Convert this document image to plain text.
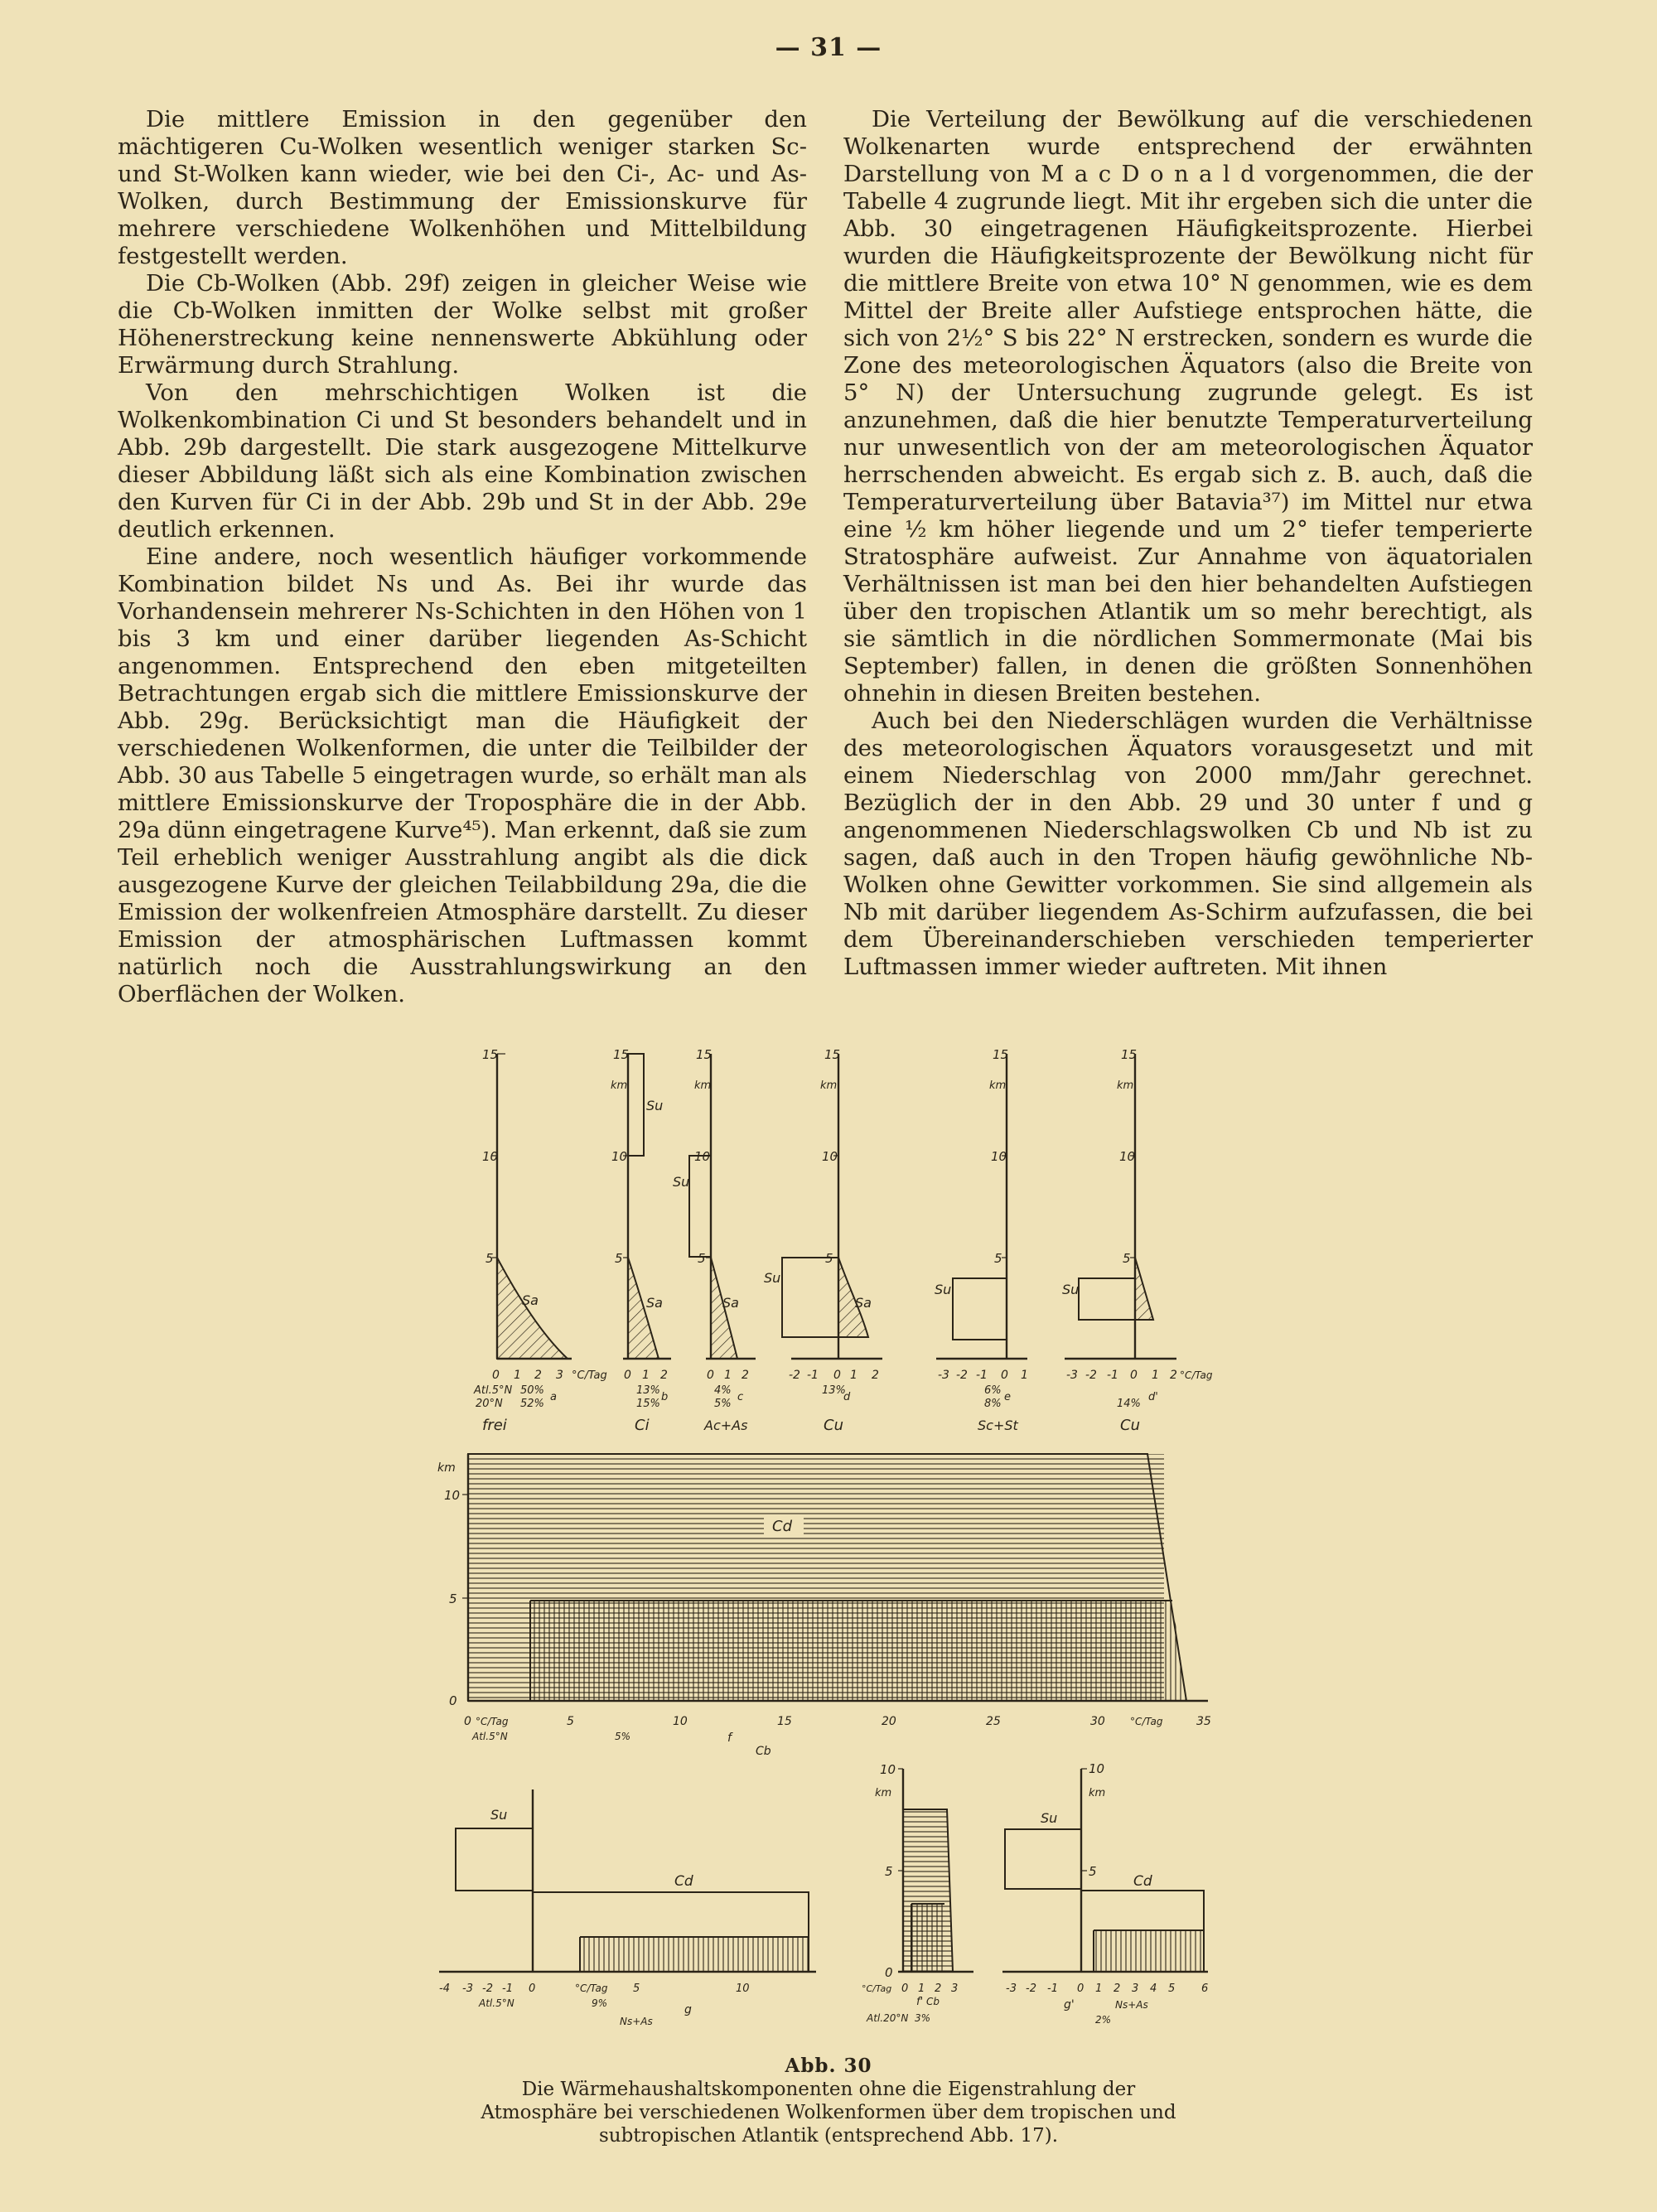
— 31 —

Die mittlere Emission in den gegenüber den mächtigeren Cu-Wolken wesentlich weniger starken Sc- und St-Wolken kann wieder, wie bei den Ci-, Ac- und As-Wolken, durch Bestimmung der Emissionskurve für mehrere verschiedene Wolkenhöhen und Mittelbildung festgestellt werden.

Die Cb-Wolken (Abb. 29f) zeigen in gleicher Weise wie die Cb-Wolken inmitten der Wolke selbst mit großer Höhenerstreckung keine nennenswerte Abkühlung oder Erwärmung durch Strahlung.

Von den mehrschichtigen Wolken ist die Wolkenkombination Ci und St besonders behandelt und in Abb. 29b dargestellt. Die stark ausgezogene Mittelkurve dieser Abbildung läßt sich als eine Kombination zwischen den Kurven für Ci in der Abb. 29b und St in der Abb. 29e deutlich erkennen.

Eine andere, noch wesentlich häufiger vorkommende Kombination bildet Ns und As. Bei ihr wurde das Vorhandensein mehrerer Ns-Schichten in den Höhen von 1 bis 3 km und einer darüber liegenden As-Schicht angenommen. Entsprechend den eben mitgeteilten Betrachtungen ergab sich die mittlere Emissionskurve der Abb. 29g. Berücksichtigt man die Häufigkeit der verschiedenen Wolkenformen, die unter die Teilbilder der Abb. 30 aus Tabelle 5 eingetragen wurde, so erhält man als mittlere Emissionskurve der Troposphäre die in der Abb. 29a dünn eingetragene Kurve⁴⁵). Man erkennt, daß sie zum Teil erheblich weniger Ausstrahlung angibt als die dick ausgezogene Kurve der gleichen Teilabbildung 29a, die die Emission der wolkenfreien Atmosphäre darstellt. Zu dieser Emission der atmosphärischen Luftmassen kommt natürlich noch die Ausstrahlungswirkung an den Oberflächen der Wolken.

Die Verteilung der Bewölkung auf die verschiedenen Wolkenarten wurde entsprechend der erwähnten Darstellung von M a c D o n a l d vorgenommen, die der Tabelle 4 zugrunde liegt. Mit ihr ergeben sich die unter die Abb. 30 eingetragenen Häufigkeitsprozente. Hierbei wurden die Häufigkeitsprozente der Bewölkung nicht für die mittlere Breite von etwa 10° N genommen, wie es dem Mittel der Breite aller Aufstiege entsprochen hätte, die sich von 2½° S bis 22° N erstrecken, sondern es wurde die Zone des meteorologischen Äquators (also die Breite von 5° N) der Untersuchung zugrunde gelegt. Es ist anzunehmen, daß die hier benutzte Temperaturverteilung nur unwesentlich von der am meteorologischen Äquator herrschenden abweicht. Es ergab sich z. B. auch, daß die Temperaturverteilung über Batavia³⁷) im Mittel nur etwa eine ½ km höher liegende und um 2° tiefer temperierte Stratosphäre aufweist. Zur Annahme von äquatorialen Verhältnissen ist man bei den hier behandelten Aufstiegen über den tropischen Atlantik um so mehr berechtigt, als sie sämtlich in die nördlichen Sommermonate (Mai bis September) fallen, in denen die größten Sonnenhöhen ohnehin in diesen Breiten bestehen.

Auch bei den Niederschlägen wurden die Verhältnisse des meteorologischen Äquators vorausgesetzt und mit einem Niederschlag von 2000 mm/Jahr gerechnet. Bezüglich der in den Abb. 29 und 30 unter f und g angenommenen Niederschlagswolken Cb und Nb ist zu sagen, daß auch in den Tropen häufig gewöhnliche Nb-Wolken ohne Gewitter vorkommen. Sie sind allgemein als Nb mit darüber liegendem As-Schirm aufzufassen, die bei dem Übereinanderschieben verschieden temperierter Luftmassen immer wieder auftreten. Mit ihnen

15
10
5
Sa
0 1 2 3 °C/Tag
Atl.5°N
20°N
50%
52%
a
frei
15
km
10
5
Su
Sa
0 1 2
13%
15%
b
Ci
15
km
10
5
Su
Sa
0 1 2
4%
5%
c
Ac+As
15
km
10
5
Su
Sa
-2 -1 0 1 2
13%
d
Cu
15
km
10
5
Su
-3 -2 -1 0 1
6%
8%
e
Sc+St
15
km
10
5
Su
-3 -2 -1 0 1 2 °C/Tag
14%
d'
Cu
Cd
km
10
5
0
0 °C/Tag	5	10	15	20	25	30	°C/Tag	35
Atl.5°N	5%	f
Cb
Su
Cd
-4 -3 -2 -1 0	°C/Tag 5	10
Atl.5°N	9%	g
Ns+As
10
km
5
0
°C/Tag 0 1 2 3
f' Cb
Atl.20°N 3%
10
km
5
Su
Cd
-3 -2 -1 0 1 2 3 4 5 6
g'	Ns+As
2%
Abb. 30
Die Wärmehaushaltskomponenten ohne die Eigenstrahlung der Atmosphäre bei verschiedenen Wolkenformen über dem tropischen und subtropischen Atlantik (entsprechend Abb. 17).
